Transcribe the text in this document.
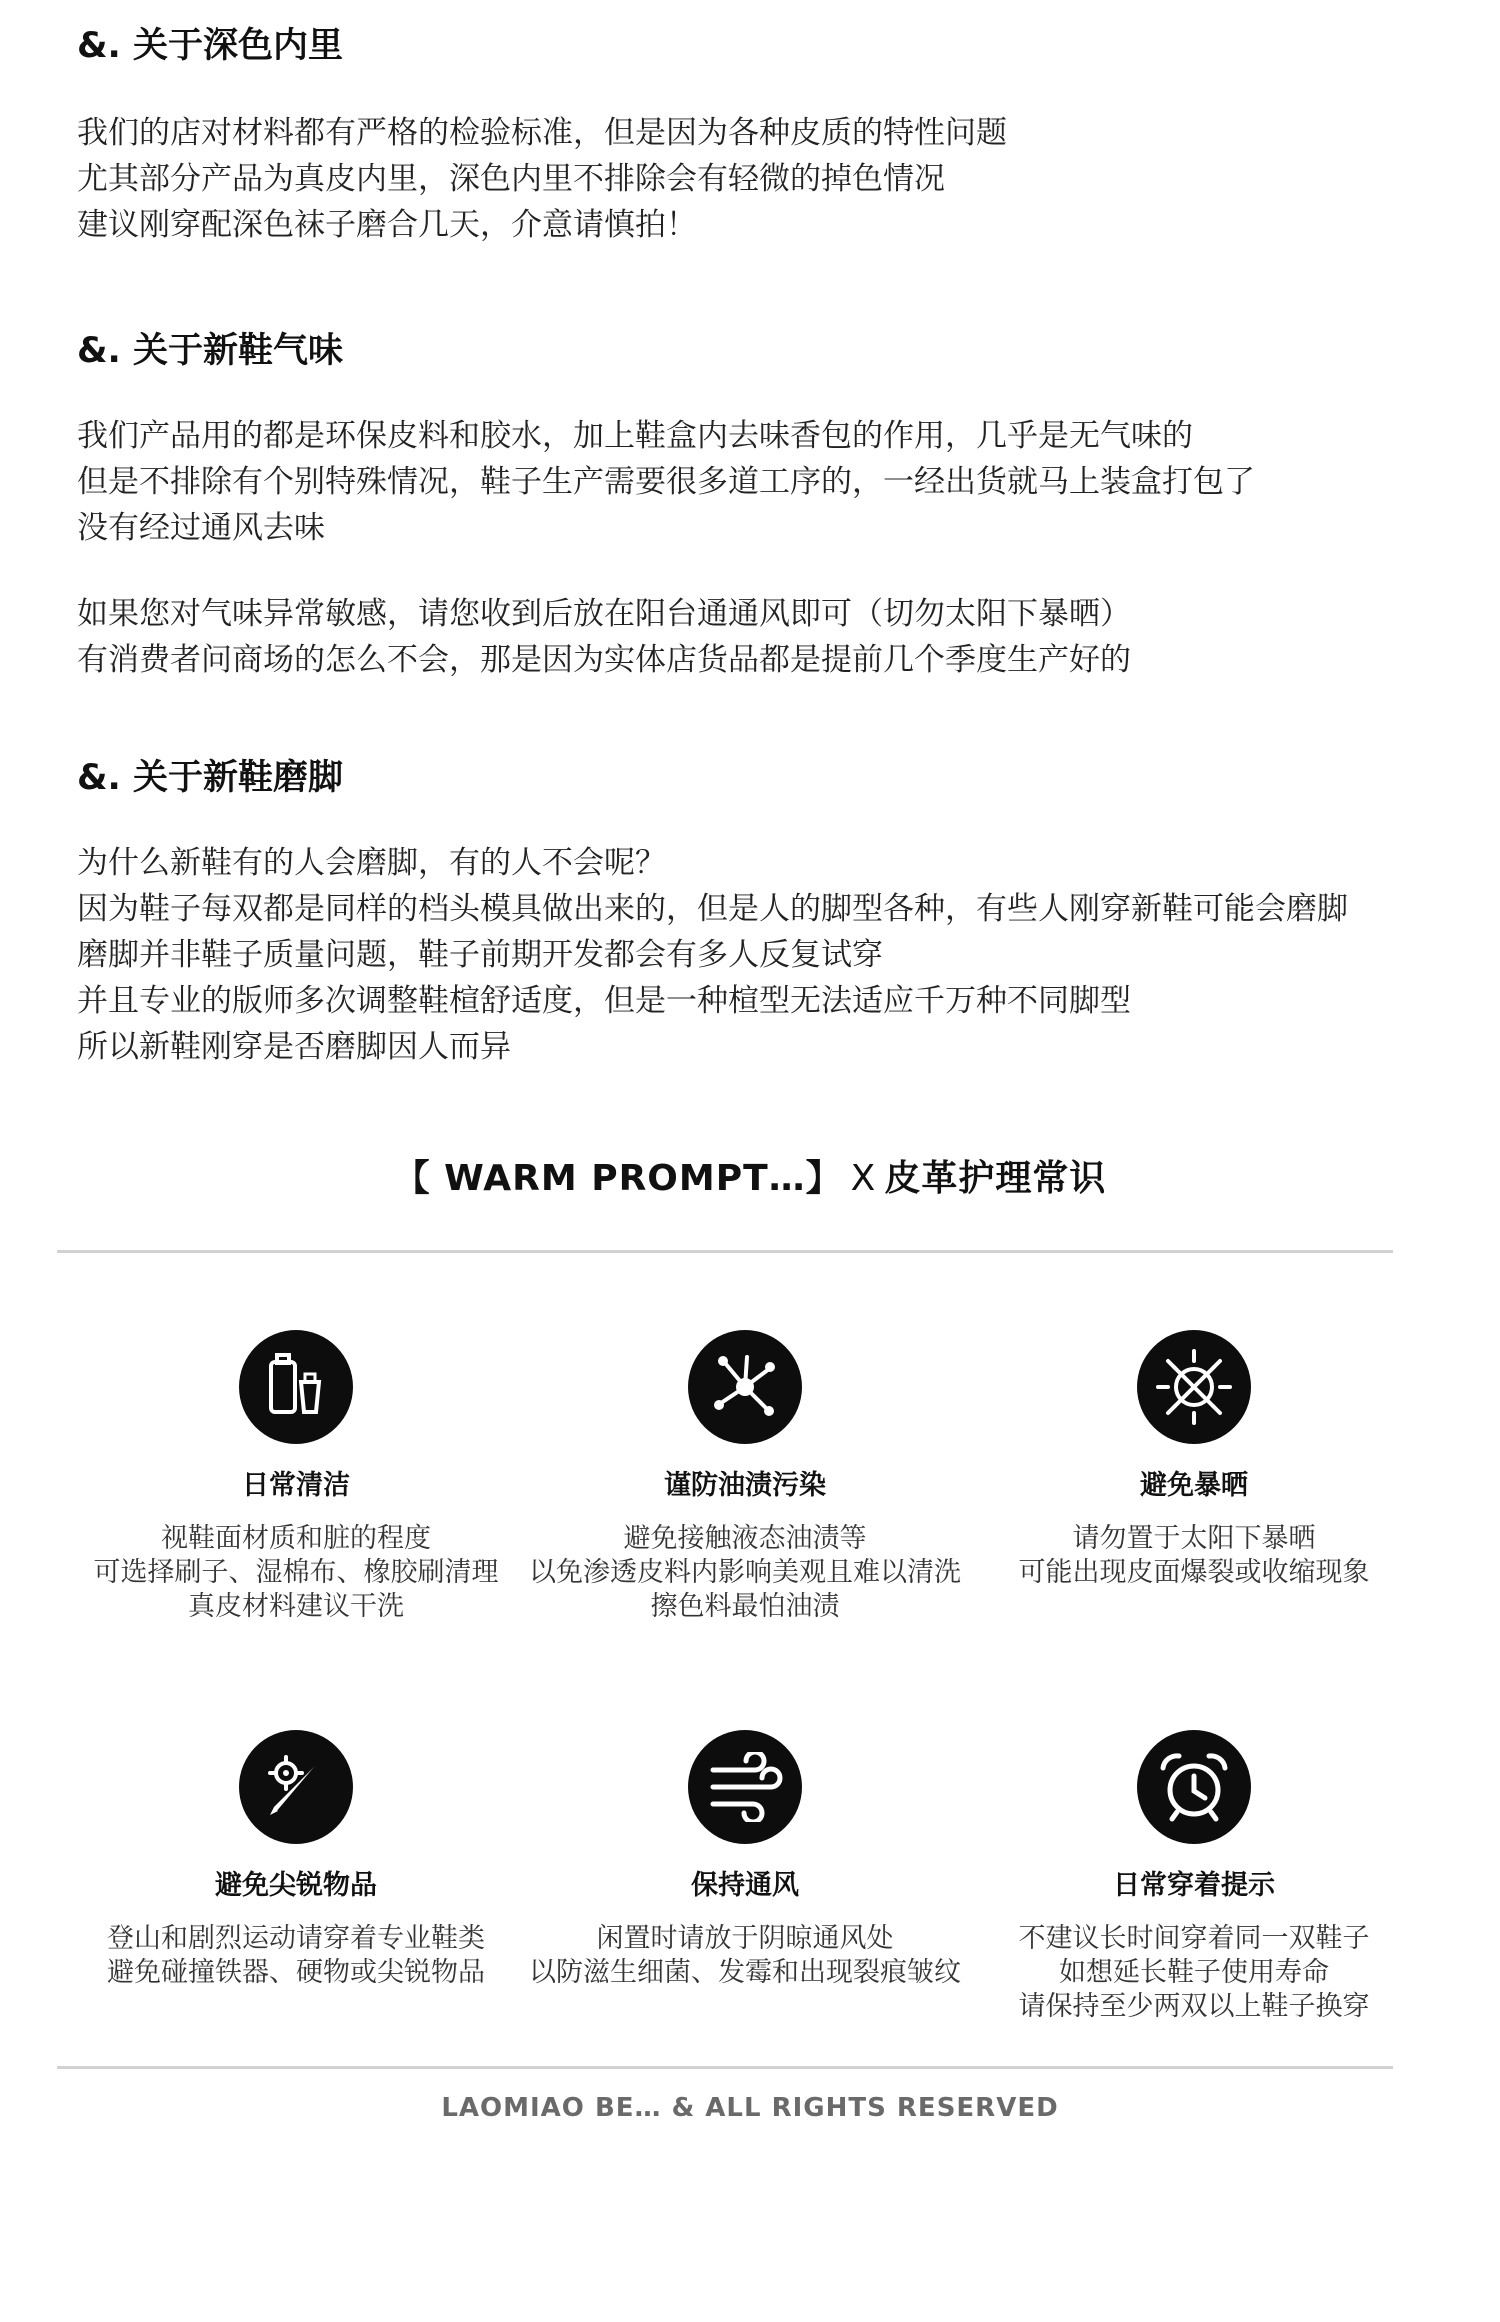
&. 关于深色内里
我们的店对材料都有严格的检验标准，但是因为各种皮质的特性问题
尤其部分产品为真皮内里，深色内里不排除会有轻微的掉色情况
建议刚穿配深色袜子磨合几天，介意请慎拍！
&. 关于新鞋气味
我们产品用的都是环保皮料和胶水，加上鞋盒内去味香包的作用，几乎是无气味的
但是不排除有个别特殊情况，鞋子生产需要很多道工序的，一经出货就马上装盒打包了
没有经过通风去味
如果您对气味异常敏感，请您收到后放在阳台通通风即可（切勿太阳下暴晒）
有消费者问商场的怎么不会，那是因为实体店货品都是提前几个季度生产好的
&. 关于新鞋磨脚
为什么新鞋有的人会磨脚，有的人不会呢？
因为鞋子每双都是同样的档头模具做出来的，但是人的脚型各种，有些人刚穿新鞋可能会磨脚
磨脚并非鞋子质量问题，鞋子前期开发都会有多人反复试穿
并且专业的版师多次调整鞋楦舒适度，但是一种楦型无法适应千万种不同脚型
所以新鞋刚穿是否磨脚因人而异
【 WARM PROMPT…】 X 皮革护理常识
日常清洁
视鞋面材质和脏的程度
可选择刷子、湿棉布、橡胶刷清理
真皮材料建议干洗
谨防油渍污染
避免接触液态油渍等
以免渗透皮料内影响美观且难以清洗
擦色料最怕油渍
避免暴晒
请勿置于太阳下暴晒
可能出现皮面爆裂或收缩现象
避免尖锐物品
登山和剧烈运动请穿着专业鞋类
避免碰撞铁器、硬物或尖锐物品
保持通风
闲置时请放于阴晾通风处
以防滋生细菌、发霉和出现裂痕皱纹
日常穿着提示
不建议长时间穿着同一双鞋子
如想延长鞋子使用寿命
请保持至少两双以上鞋子换穿
LAOMIAO BE… & ALL RIGHTS RESERVED
